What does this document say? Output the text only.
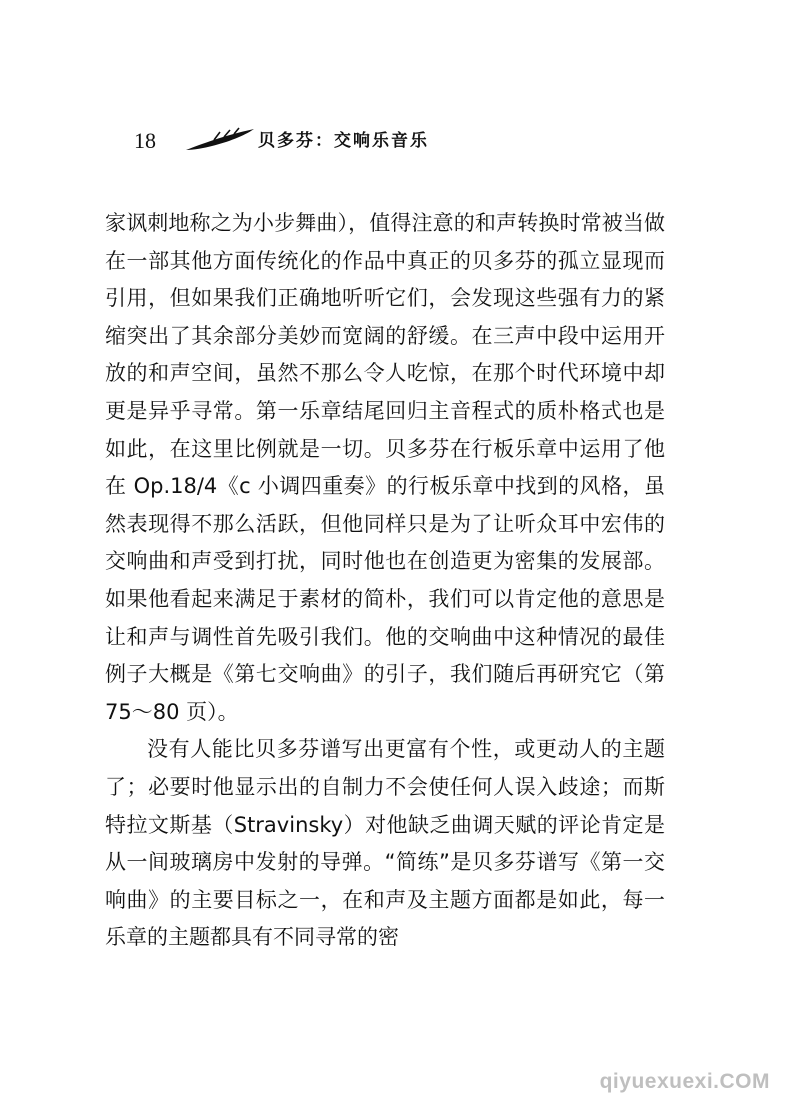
18	贝多芬：交响乐音乐

家讽刺地称之为小步舞曲），值得注意的和声转换时常被当做在一部其他方面传统化的作品中真正的贝多芬的孤立显现而引用，但如果我们正确地听听它们，会发现这些强有力的紧缩突出了其余部分美妙而宽阔的舒缓。在三声中段中运用开放的和声空间，虽然不那么令人吃惊，在那个时代环境中却更是异乎寻常。第一乐章结尾回归主音程式的质朴格式也是如此，在这里比例就是一切。贝多芬在行板乐章中运用了他在 Op.18/4《c 小调四重奏》的行板乐章中找到的风格，虽然表现得不那么活跃，但他同样只是为了让听众耳中宏伟的交响曲和声受到打扰，同时他也在创造更为密集的发展部。如果他看起来满足于素材的简朴，我们可以肯定他的意思是让和声与调性首先吸引我们。他的交响曲中这种情况的最佳例子大概是《第七交响曲》的引子，我们随后再研究它（第 75～80 页）。

没有人能比贝多芬谱写出更富有个性，或更动人的主题了；必要时他显示出的自制力不会使任何人误入歧途；而斯特拉文斯基（Stravinsky）对他缺乏曲调天赋的评论肯定是从一间玻璃房中发射的导弹。“简练”是贝多芬谱写《第一交响曲》的主要目标之一，在和声及主题方面都是如此，每一乐章的主题都具有不同寻常的密

qiyuexuexi.COM
